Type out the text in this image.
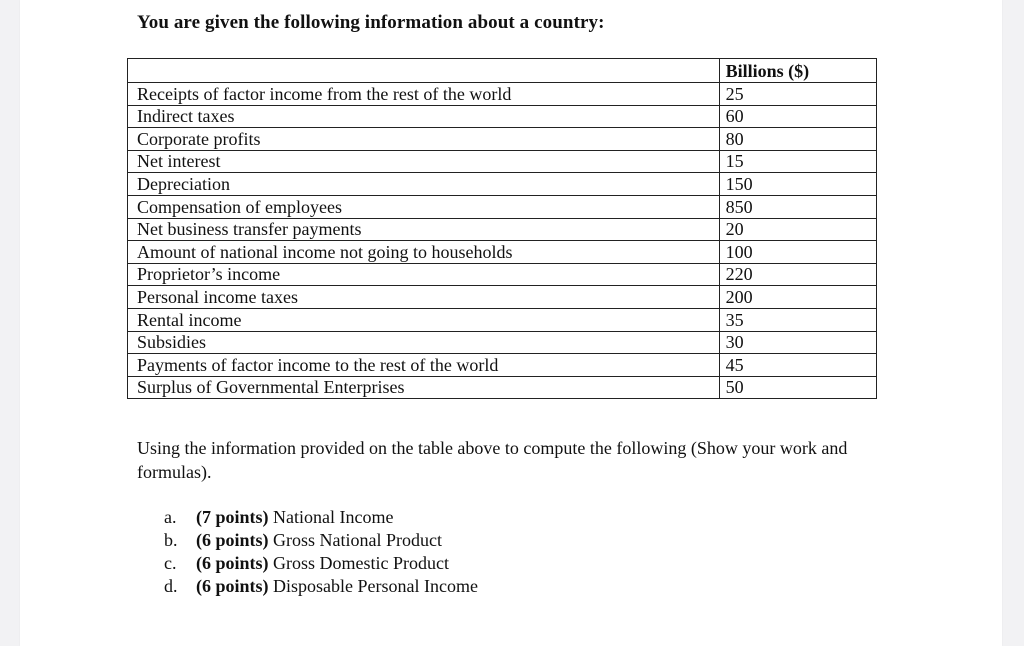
You are given the following information about a country:
	Billions ($)
Receipts of factor income from the rest of the world	25
Indirect taxes	60
Corporate profits	80
Net interest	15
Depreciation	150
Compensation of employees	850
Net business transfer payments	20
Amount of national income not going to households	100
Proprietor’s income	220
Personal income taxes	200
Rental income	35
Subsidies	30
Payments of factor income to the rest of the world	45
Surplus of Governmental Enterprises	50
Using the information provided on the table above to compute the following (Show your work and formulas).
a. (7 points) National Income
b. (6 points) Gross National Product
c. (6 points) Gross Domestic Product
d. (6 points) Disposable Personal Income
